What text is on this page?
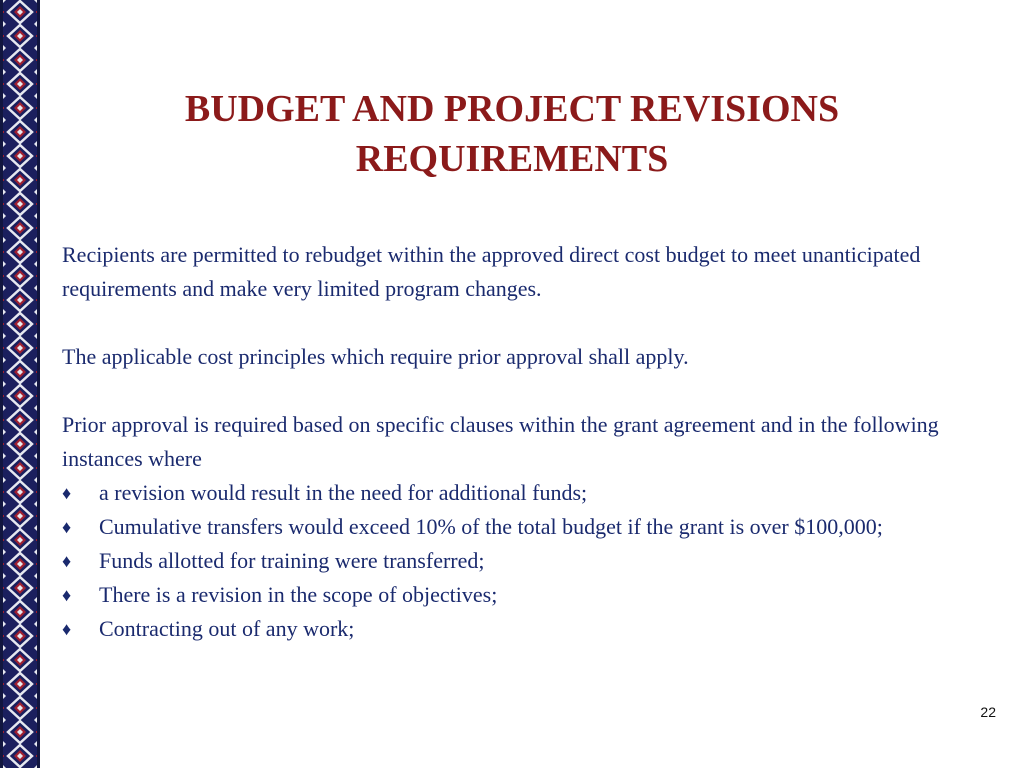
BUDGET AND PROJECT REVISIONS
REQUIREMENTS

Recipients are permitted to rebudget within the approved direct cost budget to meet unanticipated requirements and make very limited program changes.

The applicable cost principles which require prior approval shall apply.

Prior approval is required based on specific clauses within the grant agreement and in the following instances where

♦ a revision would result in the need for additional funds;
♦ Cumulative transfers would exceed 10% of the total budget if the grant is over $100,000;
♦ Funds allotted for training were transferred;
♦ There is a revision in the scope of objectives;
♦ Contracting out of any work;
22
